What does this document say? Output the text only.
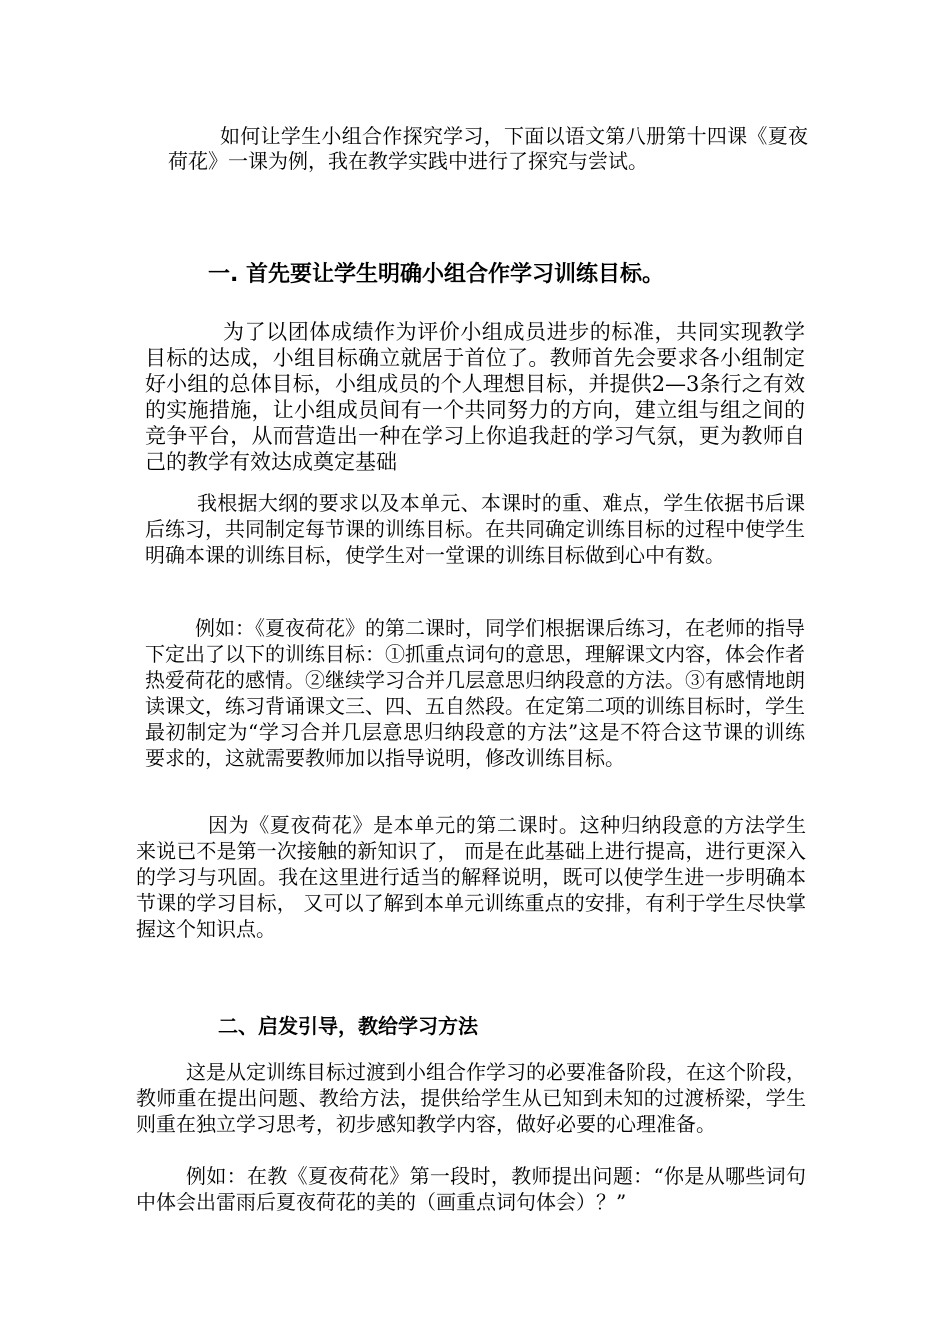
如何让学生小组合作探究学习，下面以语文第八册第十四课《夏夜荷花》一课为例，我在教学实践中进行了探究与尝试。

一. 首先要让学生明确小组合作学习训练目标。

为了以团体成绩作为评价小组成员进步的标准，共同实现教学目标的达成，小组目标确立就居于首位了。教师首先会要求各小组制定好小组的总体目标，小组成员的个人理想目标，并提供2—3条行之有效的实施措施，让小组成员间有一个共同努力的方向，建立组与组之间的竞争平台，从而营造出一种在学习上你追我赶的学习气氛，更为教师自己的教学有效达成奠定基础

我根据大纲的要求以及本单元、本课时的重、难点，学生依据书后课后练习，共同制定每节课的训练目标。在共同确定训练目标的过程中使学生明确本课的训练目标，使学生对一堂课的训练目标做到心中有数。

例如：《夏夜荷花》的第二课时，同学们根据课后练习，在老师的指导下定出了以下的训练目标：①抓重点词句的意思，理解课文内容，体会作者热爱荷花的感情。②继续学习合并几层意思归纳段意的方法。③有感情地朗读课文，练习背诵课文三、四、五自然段。在定第二项的训练目标时，学生最初制定为“学习合并几层意思归纳段意的方法”这是不符合这节课的训练要求的，这就需要教师加以指导说明，修改训练目标。

因为《夏夜荷花》是本单元的第二课时。这种归纳段意的方法学生来说已不是第一次接触的新知识了， 而是在此基础上进行提高，进行更深入的学习与巩固。我在这里进行适当的解释说明，既可以使学生进一步明确本节课的学习目标， 又可以了解到本单元训练重点的安排，有利于学生尽快掌握这个知识点。

二、启发引导，教给学习方法

这是从定训练目标过渡到小组合作学习的必要准备阶段，在这个阶段，教师重在提出问题、教给方法，提供给学生从已知到未知的过渡桥梁，学生则重在独立学习思考，初步感知教学内容，做好必要的心理准备。

例如：在教《夏夜荷花》第一段时，教师提出问题：“你是从哪些词句中体会出雷雨后夏夜荷花的美的（画重点词句体会）？”
